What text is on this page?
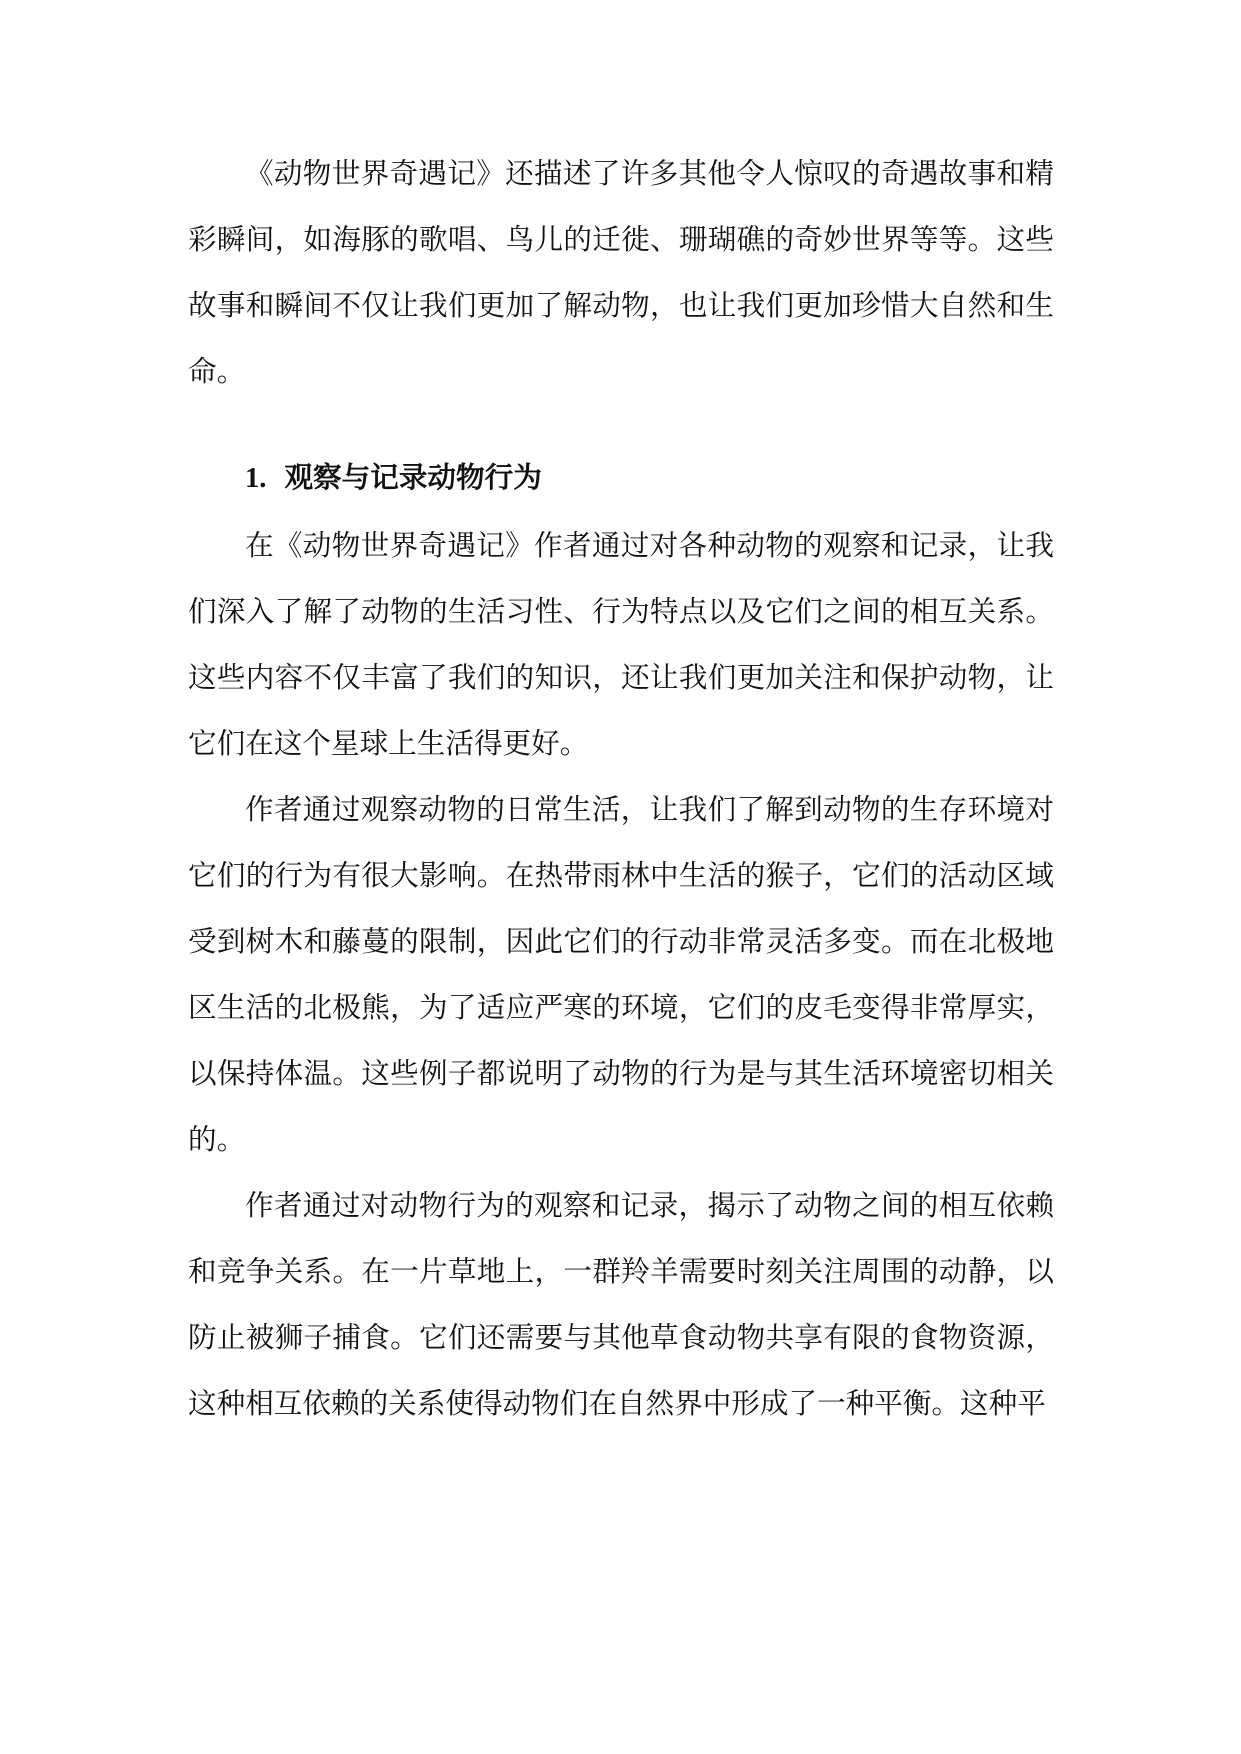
《动物世界奇遇记》还描述了许多其他令人惊叹的奇遇故事和精彩瞬间，如海豚的歌唱、鸟儿的迁徙、珊瑚礁的奇妙世界等等。这些故事和瞬间不仅让我们更加了解动物，也让我们更加珍惜大自然和生命。

1. 观察与记录动物行为

在《动物世界奇遇记》作者通过对各种动物的观察和记录，让我们深入了解了动物的生活习性、行为特点以及它们之间的相互关系。这些内容不仅丰富了我们的知识，还让我们更加关注和保护动物，让它们在这个星球上生活得更好。

作者通过观察动物的日常生活，让我们了解到动物的生存环境对它们的行为有很大影响。在热带雨林中生活的猴子，它们的活动区域受到树木和藤蔓的限制，因此它们的行动非常灵活多变。而在北极地区生活的北极熊，为了适应严寒的环境，它们的皮毛变得非常厚实，以保持体温。这些例子都说明了动物的行为是与其生活环境密切相关的。

作者通过对动物行为的观察和记录，揭示了动物之间的相互依赖和竞争关系。在一片草地上，一群羚羊需要时刻关注周围的动静，以防止被狮子捕食。它们还需要与其他草食动物共享有限的食物资源，这种相互依赖的关系使得动物们在自然界中形成了一种平衡。这种平
